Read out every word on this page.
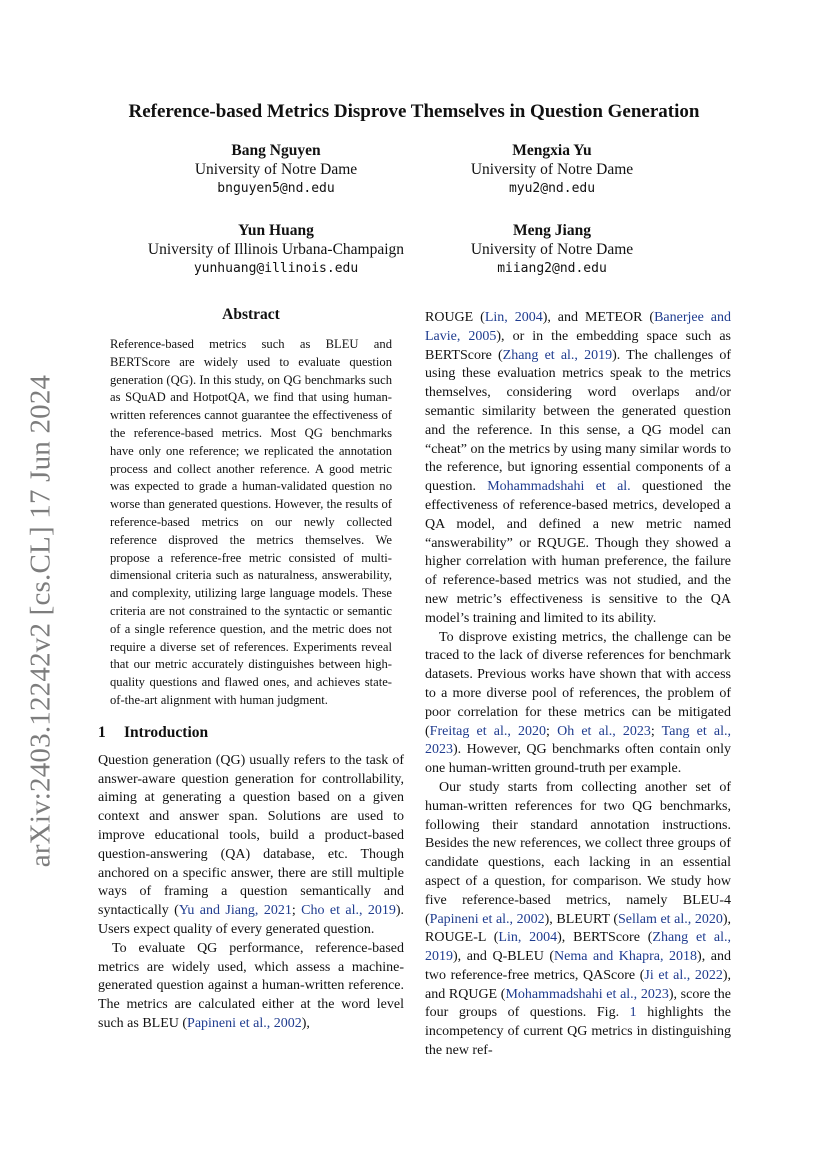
arXiv:2403.12242v2 [cs.CL] 17 Jun 2024
Reference-based Metrics Disprove Themselves in Question Generation
Bang Nguyen
University of Notre Dame
bnguyen5@nd.edu
Mengxia Yu
University of Notre Dame
myu2@nd.edu
Yun Huang
University of Illinois Urbana-Champaign
yunhuang@illinois.edu
Meng Jiang
University of Notre Dame
miiang2@nd.edu
Abstract

Reference-based metrics such as BLEU and BERTScore are widely used to evaluate question generation (QG). In this study, on QG benchmarks such as SQuAD and HotpotQA, we find that using human-written references cannot guarantee the effectiveness of the reference-based metrics. Most QG benchmarks have only one reference; we replicated the annotation process and collect another reference. A good metric was expected to grade a human-validated question no worse than generated questions. However, the results of reference-based metrics on our newly collected reference disproved the metrics themselves. We propose a reference-free metric consisted of multi-dimensional criteria such as naturalness, answerability, and complexity, utilizing large language models. These criteria are not constrained to the syntactic or semantic of a single reference question, and the metric does not require a diverse set of references. Experiments reveal that our metric accurately distinguishes between high-quality questions and flawed ones, and achieves state-of-the-art alignment with human judgment.

1 Introduction

Question generation (QG) usually refers to the task of answer-aware question generation for controllability, aiming at generating a question based on a given context and answer span. Solutions are used to improve educational tools, build a product-based question-answering (QA) database, etc. Though anchored on a specific answer, there are still multiple ways of framing a question semantically and syntactically (Yu and Jiang, 2021; Cho et al., 2019). Users expect quality of every generated question.

To evaluate QG performance, reference-based metrics are widely used, which assess a machine-generated question against a human-written reference. The metrics are calculated either at the word level such as BLEU (Papineni et al., 2002),

ROUGE (Lin, 2004), and METEOR (Banerjee and Lavie, 2005), or in the embedding space such as BERTScore (Zhang et al., 2019). The challenges of using these evaluation metrics speak to the metrics themselves, considering word overlaps and/or semantic similarity between the generated question and the reference. In this sense, a QG model can “cheat” on the metrics by using many similar words to the reference, but ignoring essential components of a question. Mohammadshahi et al. questioned the effectiveness of reference-based metrics, developed a QA model, and defined a new metric named “answerability” or RQUGE. Though they showed a higher correlation with human preference, the failure of reference-based metrics was not studied, and the new metric’s effectiveness is sensitive to the QA model’s training and limited to its ability.

To disprove existing metrics, the challenge can be traced to the lack of diverse references for benchmark datasets. Previous works have shown that with access to a more diverse pool of references, the problem of poor correlation for these metrics can be mitigated (Freitag et al., 2020; Oh et al., 2023; Tang et al., 2023). However, QG benchmarks often contain only one human-written ground-truth per example.

Our study starts from collecting another set of human-written references for two QG benchmarks, following their standard annotation instructions. Besides the new references, we collect three groups of candidate questions, each lacking in an essential aspect of a question, for comparison. We study how five reference-based metrics, namely BLEU-4 (Papineni et al., 2002), BLEURT (Sellam et al., 2020), ROUGE-L (Lin, 2004), BERTScore (Zhang et al., 2019), and Q-BLEU (Nema and Khapra, 2018), and two reference-free metrics, QAScore (Ji et al., 2022), and RQUGE (Mohammadshahi et al., 2023), score the four groups of questions. Fig. 1 highlights the incompetency of current QG metrics in distinguishing the new ref-
